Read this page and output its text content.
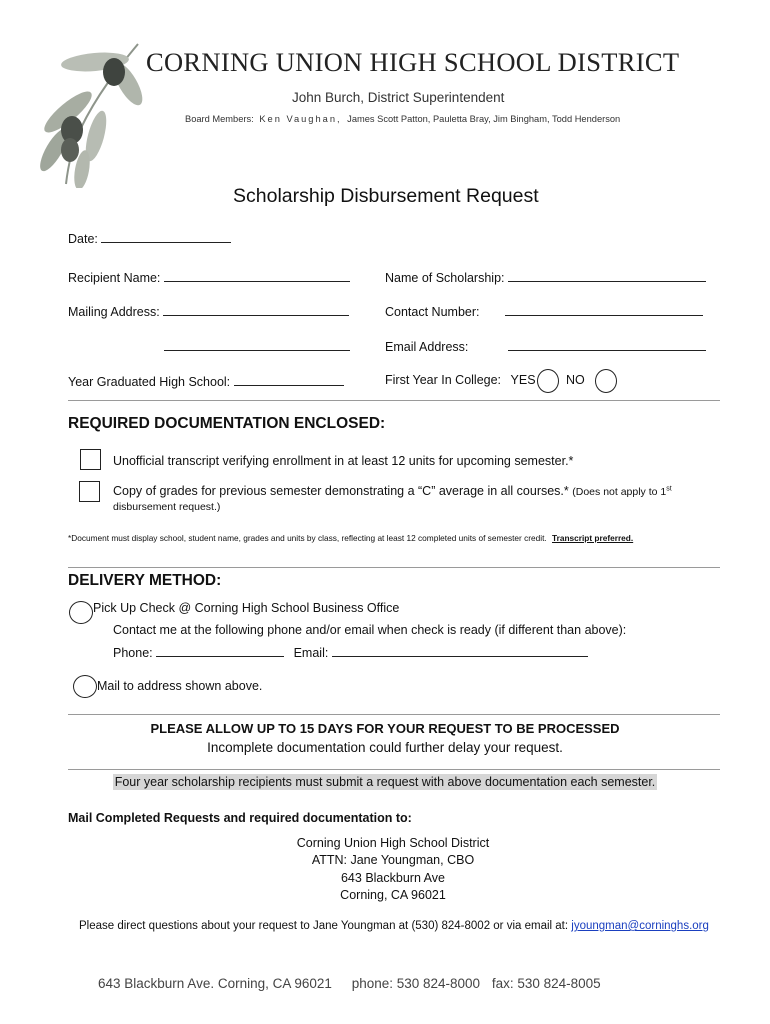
CORNING UNION HIGH SCHOOL DISTRICT
John Burch, District Superintendent
Board Members: Ken Vaughan, James Scott Patton, Pauletta Bray, Jim Bingham, Todd Henderson
Scholarship Disbursement Request
Date:
Recipient Name:	Name of Scholarship:
Mailing Address:	Contact Number:
Email Address:
Year Graduated High School:	First Year In College: YES NO
REQUIRED DOCUMENTATION ENCLOSED:
Unofficial transcript verifying enrollment in at least 12 units for upcoming semester.*
Copy of grades for previous semester demonstrating a “C” average in all courses.* (Does not apply to 1st
disbursement request.)
*Document must display school, student name, grades and units by class, reflecting at least 12 completed units of semester credit. Transcript preferred.
DELIVERY METHOD:
Pick Up Check @ Corning High School Business Office
Contact me at the following phone and/or email when check is ready (if different than above):
Phone:	Email:
Mail to address shown above.
PLEASE ALLOW UP TO 15 DAYS FOR YOUR REQUEST TO BE PROCESSED
Incomplete documentation could further delay your request.
Four year scholarship recipients must submit a request with above documentation each semester.
Mail Completed Requests and required documentation to:
Corning Union High School District
ATTN: Jane Youngman, CBO
643 Blackburn Ave
Corning, CA 96021
Please direct questions about your request to Jane Youngman at (530) 824-8002 or via email at: jyoungman@corninghs.org
643 Blackburn Ave. Corning, CA 96021 phone: 530 824-8000 fax: 530 824-8005
